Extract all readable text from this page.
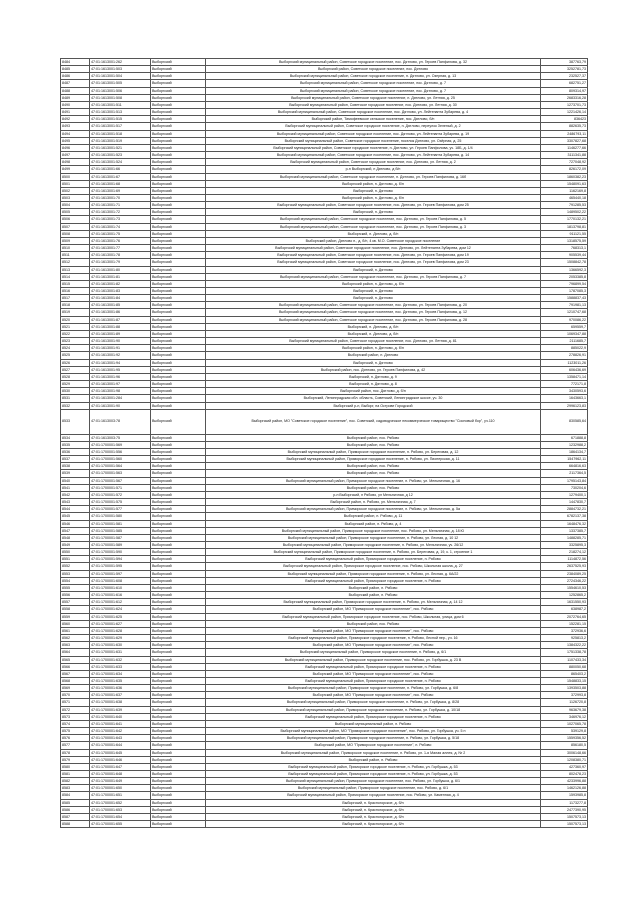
8484	47:01:1613001:262	Выборгский	Выборгский муниципальный район, Советское городское поселение, пос. Дятлово, ул. Героев Панфилова, д. 32	387763,79
8485	47:01:1613001:503	Выборгский	Выборгский район, Советское городское поселение, пос. Дятлово	3252781,73
8486	47:01:1613001:504	Выборгский	Выборгский муниципальный район, Советское городское поселение, п. Дятлово, ул. Озерная, д. 13	232527,37
8487	47:01:1613001:505	Выборгский	Выборгский муниципальный район, Советское городское поселение, пос. Дятлово, д. 7	682751,27
8488	47:01:1613001:506	Выборгский	Выборгский муниципальный район, Советское городское поселение, пос. Дятлово, д. 7	809314,97
8489	47:01:1613001:508	Выборгский	Выборгский муниципальный район, Советское городское поселение, п. Дятлово, ул. Летняя, д. 25	2683316,28
8490	47:01:1613001:511	Выборгский	Выборгский муниципальный район, Советское городское поселение, пос. Дятлово, ул. Летняя, д. 30	1273701,73
8491	47:01:1613001:513	Выборгский	Выборгский муниципальный район, Советское городское поселение, пос. Дятлово, ул. Лейтенанта Зубарева, д. 4	1221426,14
8492	47:01:1613001:515	Выборгский	Выборгский район, Тимофеевское сельское поселение, пос. Дятлово, б/н	836423
8493	47:01:1613001:517	Выборгский	Выборгский муниципальный район, Советское городское поселение, п. Дятлово, переулок Зеленый, д. 2	882635,73
8494	47:01:1613001:518	Выборгский	Выборгский муниципальный район, Советское городское поселение, пос. Дятлово, ул. Лейтенанта Зубарева, д. 19	2486793,11
8495	47:01:1613001:519	Выборгский	Выборгский муниципальный район, Советское городское поселение, поселок Дятлово, ул. Озёрная, д. 25	3307827,68
8496	47:01:1613001:521	Выборгский	Выборгский муниципальный район, Советское городское поселение, п. Дятлово, ул. Героев Панфилова, уч. 18Б, д. 1/4	1146277,66
8497	47:01:1613001:523	Выборгский	Выборгский муниципальный район, Советское городское поселение, пос. Дятлово, ул. Лейтенанта Зубарева, д. 14	3111341,88
8498	47:01:1613001:524	Выборгский	Выборгский муниципальный район, Советское городское поселение, пос. Дятлово, ул. Летняя, д. 2	727048,92
8499	47:01:1613001:66	Выборгский	р-н Выборгский, п Дятлово, д б/н	826172,09
8500	47:01:1613001:67	Выборгский	Выборгский муниципальный район, Советское городское поселение, п. Дятлово, ул. Героев Панфилова, д. 16б	1860382,23
8501	47:01:1613001:68	Выборгский	Выборгский район, п. Дятлово, д. б/н	1548091,63
8502	47:01:1613001:69	Выборгский	Выборгский, п. Дятлово	1162169,8
8503	47:01:1613001:70	Выборгский	Выборгский район, п. Дятлово, д. б/н	465440,18
8504	47:01:1613001:71	Выборгский	Выборгский муниципальный район, Советское городское поселение, пос. Дятлово, ул. Героев Панфилова, дом 25	791285,53
8505	47:01:1613001:72	Выборгский	Выборгский, п. Дятлово	1489502,22
8506	47:01:1613001:73	Выборгский	Выборгский муниципальный район, Советское городское поселение, пос. Дятлово, ул. Героев Панфилова, д. 5	1770132,21
8507	47:01:1613001:74	Выборгский	Выборгский муниципальный район, Советское городское поселение, пос. Дятлово, ул. Героев Панфилова, д. 3	1813798,81
8508	47:01:1613001:75	Выборгский	Выборгский, п. Дятлово, д. б/н	911121,55
8509	47:01:1613001:76	Выборгский	Выборгский район, Дятлово п., д. б/н, 4 кв. М.О. Советское городское поселение	1318575,59
8510	47:01:1613001:77	Выборгский	Выборгский муниципальный район, Советское городское поселение, пос. Дятлово, ул. Лейтенанта Зубарева, дом 12	768313,1
8511	47:01:1613001:78	Выборгский	Выборгский муниципальный район, Советское городское поселение, пос. Дятлово, ул. Героев Панфилова, дом 19	905539,44
8512	47:01:1613001:79	Выборгский	Выборгский муниципальный район, Советское городское поселение, пос. Дятлово, ул. Героев Панфилова, дом 23	1508842,78
8513	47:01:1613001:80	Выборгский	Выборгский, п. Дятлово	1366592,3
8514	47:01:1613001:81	Выборгский	Выборгский муниципальный район, Советское городское поселение, пос. Дятлово, ул. Героев Панфилова, д. 7	2053385,8
8515	47:01:1613001:82	Выборгский	Выборгский район, п. Дятлово, д. б/н	796899,54
8516	47:01:1613001:83	Выборгский	Выборгский, п. Дятлово	1787085,3
8517	47:01:1613001:84	Выборгский	Выборгский, п. Дятлово	1588837,43
8518	47:01:1613001:85	Выборгский	Выборгский муниципальный район, Советское городское поселение, пос. Дятлово, ул. Героев Панфилова, д. 20	791981,13
8519	47:01:1613001:86	Выборгский	Выборгский муниципальный район, Советское городское поселение, пос. Дятлово, ул. Героев Панфилова, д. 12	1210747,68
8520	47:01:1613001:87	Выборгский	Выборгский муниципальный район, Советское городское поселение, пос. Дятлово, ул. Героев Панфилова, д. 28	970086,22
8521	47:01:1613001:88	Выборгский	Выборгский, п. Дятлово, д. б/н	659559,7
8522	47:01:1613001:89	Выборгский	Выборгский, п. Дятлово, д. б/н	1069347,88
8523	47:01:1613001:90	Выборгский	Выборгский муниципальный район, Советское городское поселение, пос. Дятлово, ул. Летняя, д. 81	2111685,7
8524	47:01:1613001:91	Выборгский	Выборгский район, п. Дятлово, д. б/н	885022,9
8525	47:01:1613001:92	Выборгский	Выборгский район, п. Дятлово	278826,91
8526	47:01:1613001:94	Выборгский	Выборгский, п. Дятлово	1123011,26
8527	47:01:1613001:95	Выборгский	Выборгский район, пос. Дятлово, ул. Героев Панфилова, д. 42	606436,69
8528	47:01:1613001:96	Выборгский	Выборгский, п. Дятлово, д. 9	1358471,14
8529	47:01:1613001:97	Выборгский	Выборгский, п. Дятлово, д. 8	772171,8
8530	47:01:1613001:98	Выборгский	Выборгский район, пос. Дятлово, д. б/н	3430593,6
8531	47:01:1613001:284	Выборгский	Выборгский, Ленинградская обл. область, Советский, Ленинградское шоссе, уч. 30	1643663,1
8532	47:01:1613001:90	Выборгский	Выборгский р-н, Выборг, на Острове Городской	2996123,83
8533	47:01:1613003:78	Выборгский	Выборгский район, МО "Советское городское поселение", пос. Советский, садоводческое некоммерческое товарищество "Сосновый бор", уч.110	830585,64
8534	47:01:1613003:75	Выборгский	Выборгский район, пос. Рябово	671888,8
8535	47:01:1700001:569	Выборгский	Выборгский район, пос. Рябово	1232988,2
8536	47:01:1700001:556	Выборгский	Выборгский муниципальный район, Приморское городское поселение, п. Рябово, ул. Береговая, д. 12	1864134,7
8537	47:01:1700001:560	Выборгский	Выборгский муниципальный район, Приморское городское поселение, п. Рябово, ул. Пионерская, д. 11	1547962,11
8538	47:01:1700001:564	Выборгский	Выборгский район, пос. Рябово	664816,63
8539	47:01:1700001:563	Выборгский	Выборгский район, пос. Рябово	2117364,5
8540	47:01:1700001:567	Выборгский	Выборгский муниципальный район, Приморское городское поселение, п. Рябово, ул. Мельничная, д. 16	1795143,84
8541	47:01:1700001:571	Выборгский	Выборгский район, пос. Рябово	730204,6
8542	47:01:1700001:572	Выборгский	р-н Выборгский, п Рябово, ул Мельничная, д 12	1279400,1
8543	47:01:1700001:575	Выборгский	Выборгский район, п. Рябово, ул. Мельничная, д. 7	1447830,7
8544	47:01:1700001:577	Выборгский	Выборгский муниципальный район, Приморское городское поселение, п. Рябово, ул. Мельничная, д. 5а	2884732,21
8545	47:01:1700001:580	Выборгский	Выборгский район, п. Рябово, д. 11	6782137,38
8546	47:01:1700001:581	Выборгский	Выборгский район, п. Рябово, д. 4	1648476,32
8547	47:01:1700001:585	Выборгский	Выборгский муниципальный район, Приморское городское поселение, пос. Рябово, ул. Мельничная, д. 18 Ю	1337385,7
8548	47:01:1700001:587	Выборгский	Выборгский муниципальный район, Приморское городское поселение, п. Рябово, ул. Лесная, д. 10 12	1488285,71
8549	47:01:1700001:589	Выборгский	Выборгский муниципальный район, Приморское городское поселение, п. Рябово, ул. Мельничная, уч. 26/12	3325895,3
8550	47:01:1700001:590	Выборгский	Выборгский муниципальный район, Приморское городское поселение, п. Рябово, ул. Береговая, д. 19, к. 1, строение 1	218274,12
8551	47:01:1700001:594	Выборгский	Выборгский муниципальный район, Приморское городское поселение, п. Рябово	1114872,56
8552	47:01:1700001:595	Выборгский	Выборгский муниципальный район, Приморское городское поселение, пос. Рябово, Школьная школа, д. 27	2637525,93
8553	47:01:1700001:597	Выборгский	Выборгский муниципальный район, Приморское городское поселение, п. Рябово, ул. Лесная, д. 6А/22	2384089,25
8554	47:01:1700001:608	Выборгский	Выборгский муниципальный район, Приморское городское поселение, п. Рябово	2724346,22
8555	47:01:1700001:610	Выборгский	Выборгский район, п. Рябово	1554610,53
8556	47:01:1700001:616	Выборгский	Выборгский район, п. Рябово	1252865,2
8557	47:01:1700001:612	Выборгский	Выборгский муниципальный район, Приморское городское поселение, п. Рябово, ул. Мельничная, д. 14 12	1631550,93
8558	47:01:1700001:624	Выборгский	Выборгский район, МО "Приморское городское поселение", пос. Рябово	638987,2
8559	47:01:1700001:625	Выборгский	Выборгский муниципальный район, Приморское городское поселение, пос. Рябово, Школьная, улица, дом 6	2072764,65
8560	47:01:1700001:627	Выборгский	Выборгский район, пос. Рябово	152281,15
8561	47:01:1700001:628	Выборгский	Выборгский район, МО "Приморское городское поселение", пос. Рябово	372936,6
8562	47:01:1700001:629	Выборгский	Выборгский муниципальный район, Приморское городское поселение, п. Рябово, Лесной пер., уч. 16	925813,2
8563	47:01:1700001:630	Выборгский	Выборгский район, МО "Приморское городское поселение", пос. Рябово	1384322,22
8564	47:01:1700001:631	Выборгский	Выборгский муниципальный район, Приморское городское поселение, п. Рябово, д. 6/1	1751338,78
8565	47:01:1700001:632	Выборгский	Выборгский муниципальный район, Приморское городское поселение, пос. Рябово, ул. Горбушка, д. 23 В	1107433,34
8566	47:01:1700001:633	Выборгский	Выборгский муниципальный район, Приморское городское поселение, п. Рябово	880050,68
8567	47:01:1700001:634	Выборгский	Выборгский район, МО "Приморское городское поселение", пос. Рябово	865403,2
8568	47:01:1700001:635	Выборгский	Выборгский муниципальный район, Приморское городское поселение, п. Рябово	1548833,15
8569	47:01:1700001:636	Выборгский	Выборгский муниципальный район, Приморское городское поселение, п. Рябово, ул. Горбушка, д. 6/8	1393503,88
8570	47:01:1700001:637	Выборгский	Выборгский район, МО "Приморское городское поселение", пос. Рябово	372993,8
8571	47:01:1700001:638	Выборгский	Выборгский муниципальный район, Приморское городское поселение, п. Рябово, ул. Горбушка, д. 8/28	1126720,8
8572	47:01:1700001:639	Выборгский	Выборгский муниципальный район, Приморское городское поселение, п. Рябово, ул. Горбушка, д. 10/18	963679,38
8573	47:01:1700001:640	Выборгский	Выборгский муниципальный район, Приморское городское поселение, п. Рябово	346976,12
8574	47:01:1700001:641	Выборгский	Выборгский муниципальный район, п. Рябово	1027065,78
8575	47:01:1700001:642	Выборгский	Выборгский муниципальный район, МО "Приморское городское поселение", пос. Рябово, ул. Горбушка, уч. 5 н	539129,8
8576	47:01:1700001:643	Выборгский	Выборгский муниципальный район, Приморское городское поселение, п. Рябово, ул. Горбушка, д. 5/18	1559356,52
8577	47:01:1700001:644	Выборгский	Выборгский район, МО "Приморское городское поселение", п. Рябово	856180,5
8578	47:01:1700001:645	Выборгский	Выборгский муниципальный район, Приморское городское поселение, п. Рябово, ул. 1-я Малая аллея, д. Nr 2	3006148,66
8579	47:01:1700001:646	Выборгский	Выборгский район, п. Рябово	1208380,71
8580	47:01:1700001:647	Выборгский	Выборгский муниципальный район, Приморское городское поселение, п. Рябово, ул. Горбушка, д. 53	427360,97
8581	47:01:1700001:648	Выборгский	Выборгский муниципальный район, Приморское городское поселение, п. Рябово, ул. Горбушка, д. 53	802478,23
8582	47:01:1700001:649	Выборгский	Выборгский муниципальный район, Приморское городское поселение, пос. Рябово, ул. Горбушка, д. 6/1	4233996,88
8583	47:01:1700001:650	Выборгский	Выборгский муниципальный район, Приморское городское поселение, пос. Рябово, д. 6/1	1462126,88
8584	47:01:1700001:651	Выборгский	Выборгский муниципальный район, Приморское городское поселение, пос. Рябово, ул. Каменная, д. 4	1593985,8
8585	47:01:1700001:652	Выборгский	Выборгский, п. Красногорское, д. б/н	1173277,8
8586	47:01:1700001:653	Выборгский	Выборгский, п. Красногорское, д. б/н	2477390,95
8587	47:01:1700001:654	Выборгский	Выборгский, п. Красногорское, д. б/н	1507573,13
8588	47:01:1700001:655	Выборгский	Выборгский, п. Красногорское, д. б/н	1507573,13
